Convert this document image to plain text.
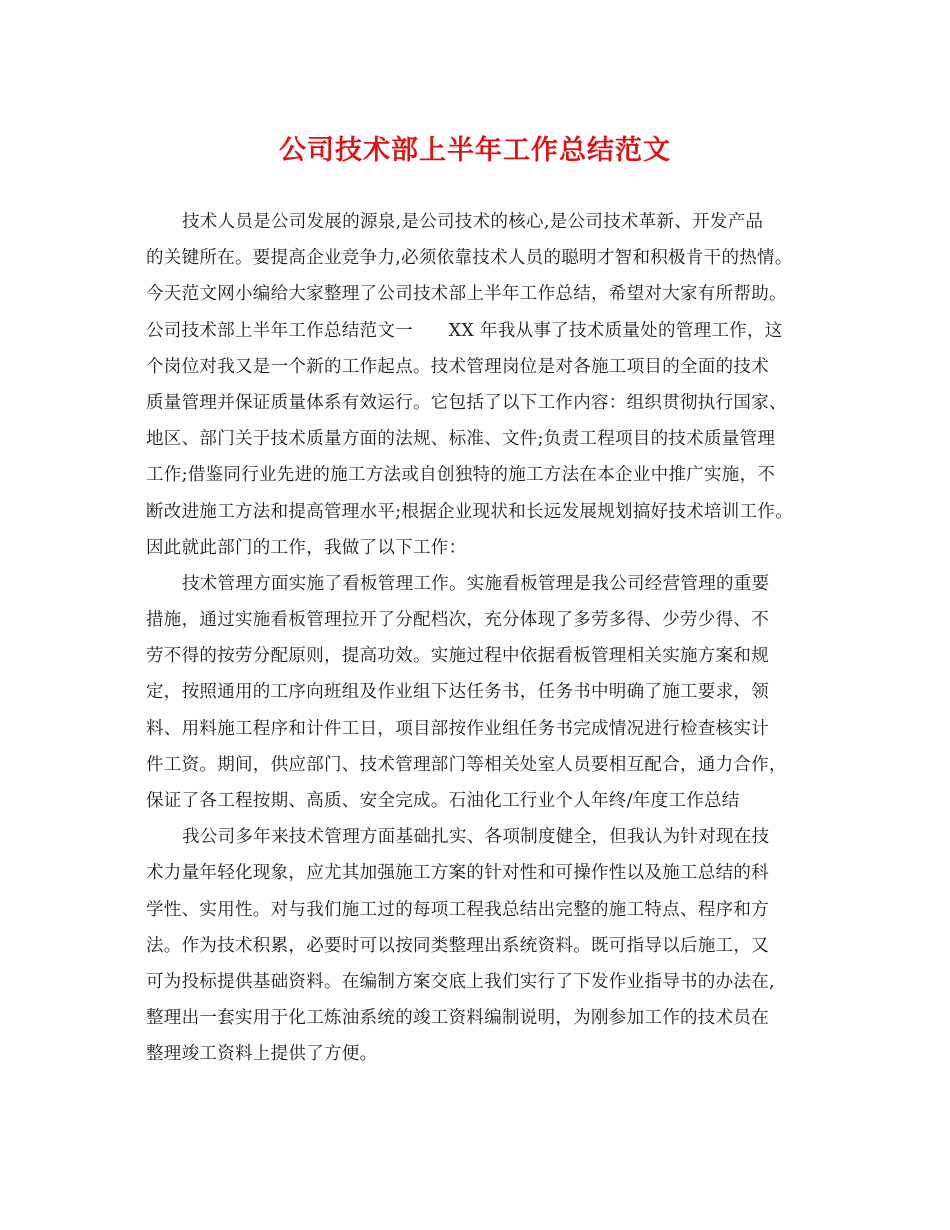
公司技术部上半年工作总结范文
技术人员是公司发展的源泉,是公司技术的核心,是公司技术革新、开发产品
的关键所在。要提高企业竞争力,必须依靠技术人员的聪明才智和积极肯干的热情。
今天范文网小编给大家整理了公司技术部上半年工作总结，希望对大家有所帮助。
公司技术部上半年工作总结范文一　　XX 年我从事了技术质量处的管理工作，这
个岗位对我又是一个新的工作起点。技术管理岗位是对各施工项目的全面的技术
质量管理并保证质量体系有效运行。它包括了以下工作内容：组织贯彻执行国家、
地区、部门关于技术质量方面的法规、标准、文件;负责工程项目的技术质量管理
工作;借鉴同行业先进的施工方法或自创独特的施工方法在本企业中推广实施，不
断改进施工方法和提高管理水平;根据企业现状和长远发展规划搞好技术培训工作。
因此就此部门的工作，我做了以下工作：
技术管理方面实施了看板管理工作。实施看板管理是我公司经营管理的重要
措施，通过实施看板管理拉开了分配档次，充分体现了多劳多得、少劳少得、不
劳不得的按劳分配原则，提高功效。实施过程中依据看板管理相关实施方案和规
定，按照通用的工序向班组及作业组下达任务书，任务书中明确了施工要求，领
料、用料施工程序和计件工日，项目部按作业组任务书完成情况进行检查核实计
件工资。期间，供应部门、技术管理部门等相关处室人员要相互配合，通力合作，
保证了各工程按期、高质、安全完成。石油化工行业个人年终/年度工作总结
我公司多年来技术管理方面基础扎实、各项制度健全，但我认为针对现在技
术力量年轻化现象，应尤其加强施工方案的针对性和可操作性以及施工总结的科
学性、实用性。对与我们施工过的每项工程我总结出完整的施工特点、程序和方
法。作为技术积累，必要时可以按同类整理出系统资料。既可指导以后施工，又
可为投标提供基础资料。在编制方案交底上我们实行了下发作业指导书的办法在,
整理出一套实用于化工炼油系统的竣工资料编制说明，为刚参加工作的技术员在
整理竣工资料上提供了方便。
